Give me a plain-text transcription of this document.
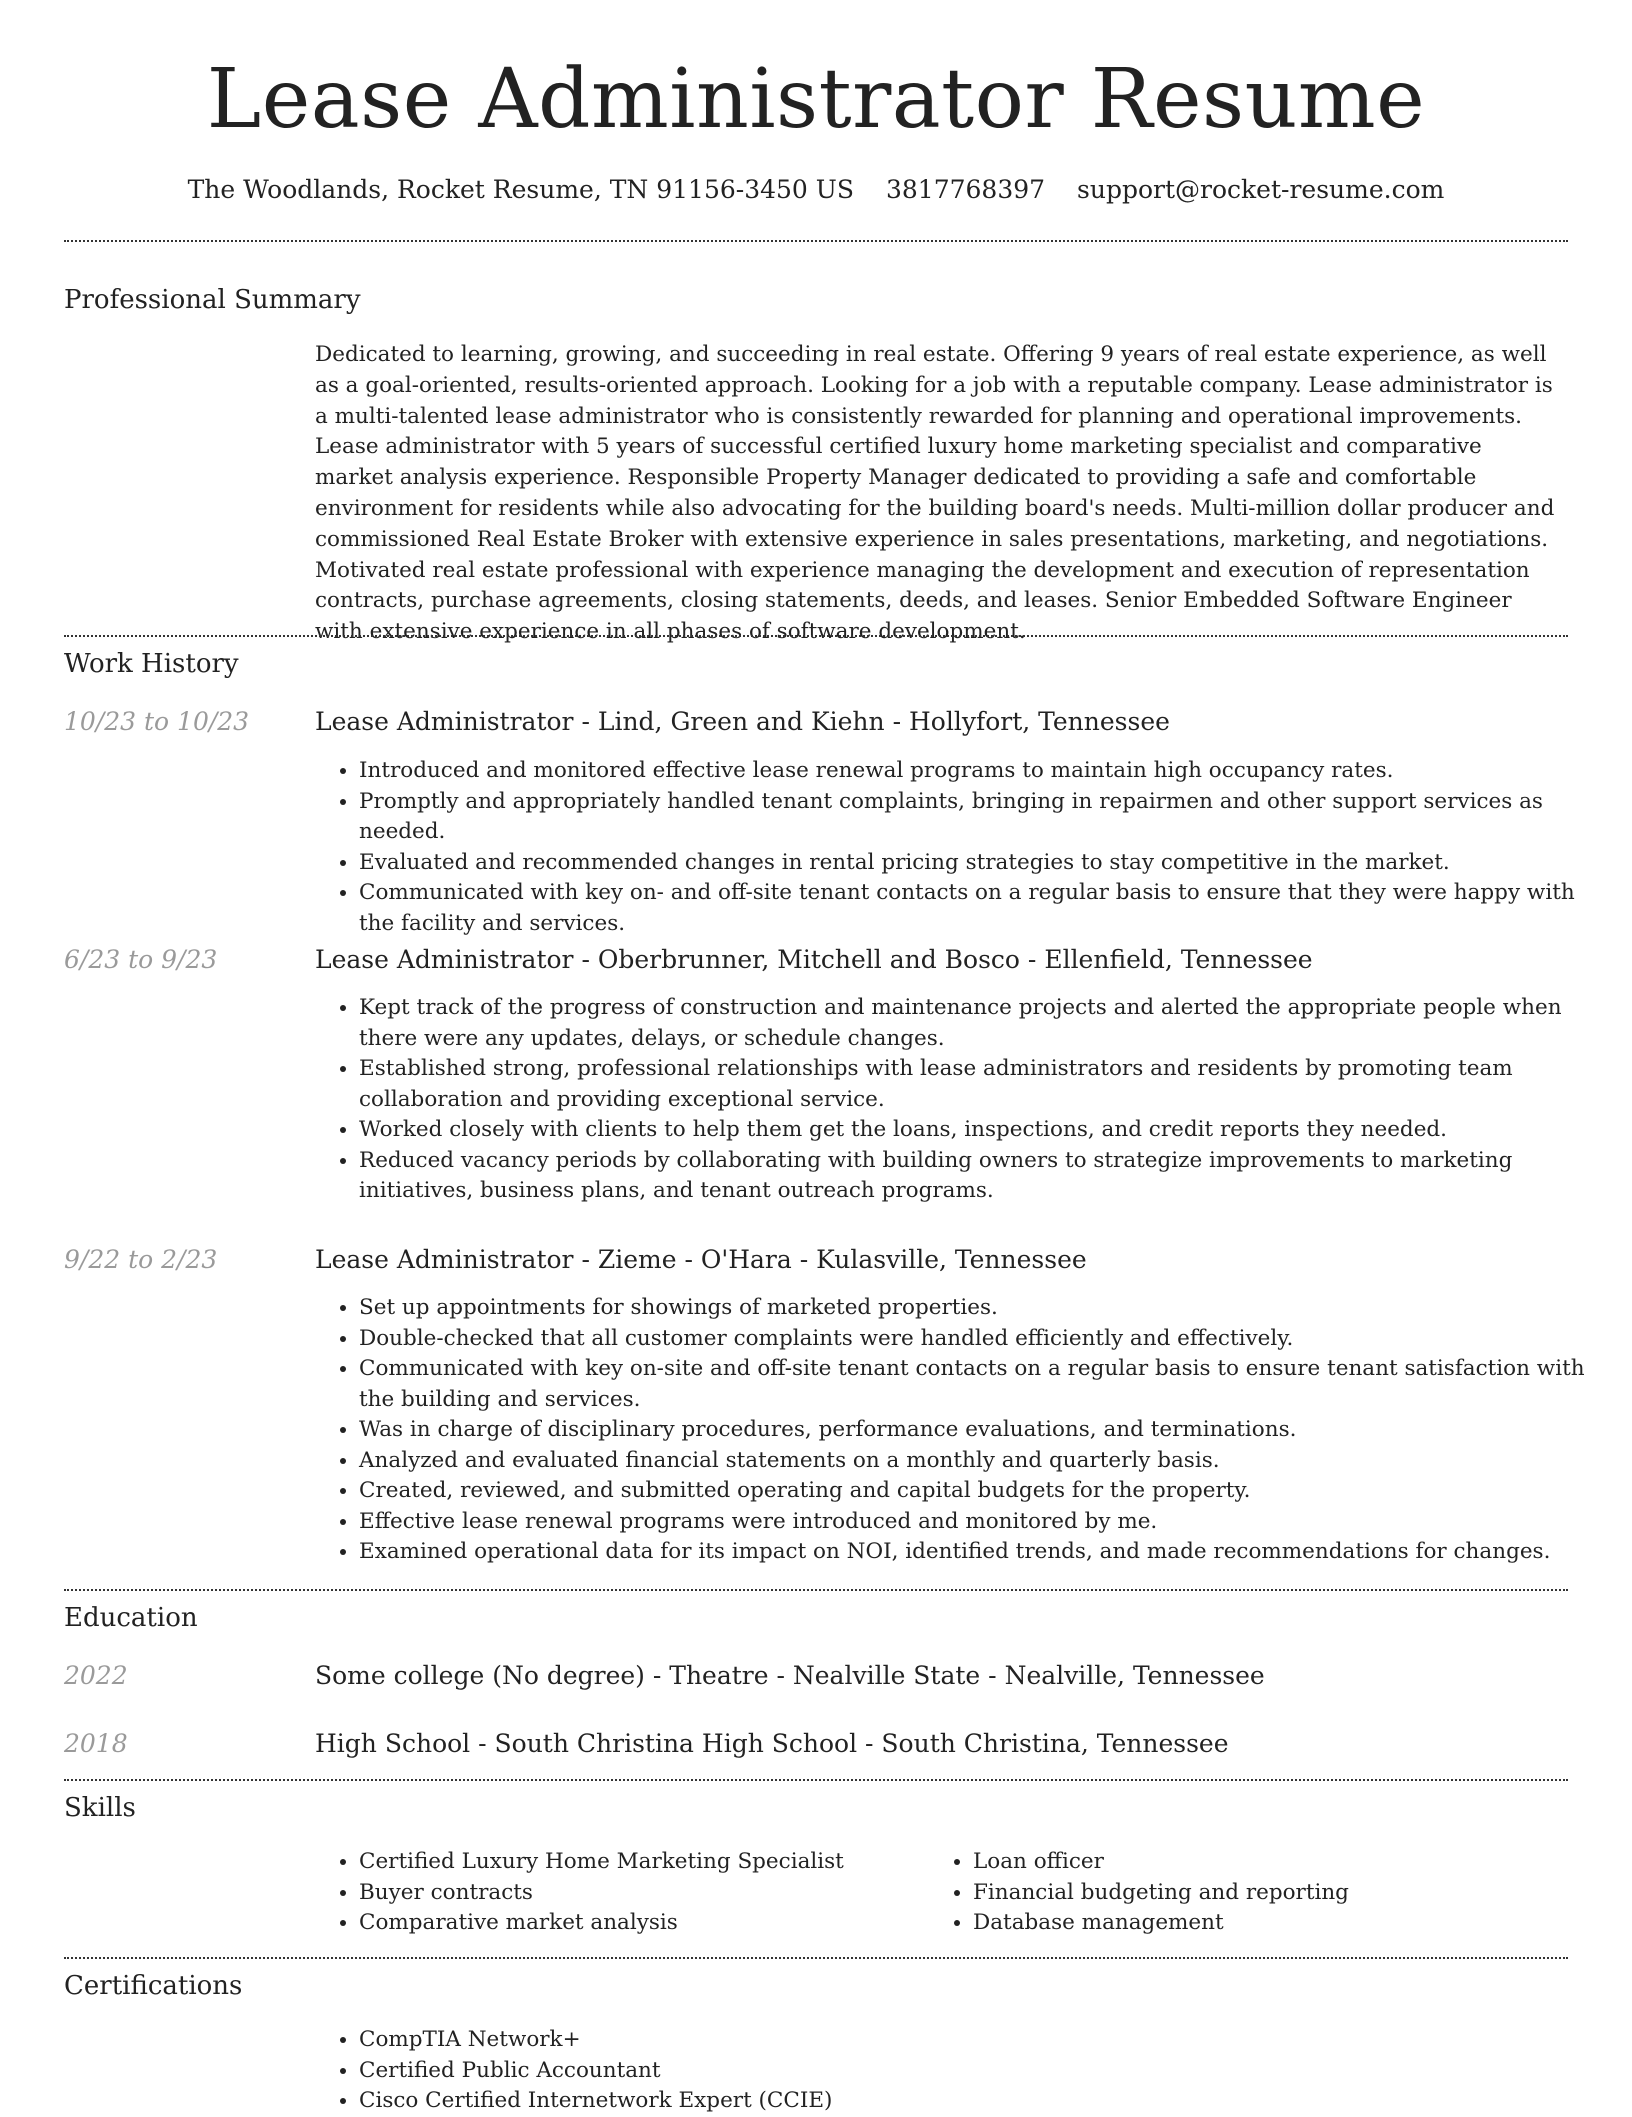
Lease Administrator Resume
The Woodlands, Rocket Resume, TN 91156-3450 US 3817768397 support@rocket-resume.com
Professional Summary

Dedicated to learning, growing, and succeeding in real estate. Offering 9 years of real estate experience, as well as a goal-oriented, results-oriented approach. Looking for a job with a reputable company. Lease administrator is a multi-talented lease administrator who is consistently rewarded for planning and operational improvements. Lease administrator with 5 years of successful certified luxury home marketing specialist and comparative market analysis experience. Responsible Property Manager dedicated to providing a safe and comfortable environment for residents while also advocating for the building board's needs. Multi-million dollar producer and commissioned Real Estate Broker with extensive experience in sales presentations, marketing, and negotiations. Motivated real estate professional with experience managing the development and execution of representation contracts, purchase agreements, closing statements, deeds, and leases. Senior Embedded Software Engineer with extensive experience in all phases of software development.

Work History
10/23 to 10/23	Lease Administrator - Lind, Green and Kiehn - Hollyfort, Tennessee
• Introduced and monitored effective lease renewal programs to maintain high occupancy rates.
• Promptly and appropriately handled tenant complaints, bringing in repairmen and other support services as needed.
• Evaluated and recommended changes in rental pricing strategies to stay competitive in the market.
• Communicated with key on- and off-site tenant contacts on a regular basis to ensure that they were happy with the facility and services.
6/23 to 9/23	Lease Administrator - Oberbrunner, Mitchell and Bosco - Ellenfield, Tennessee
• Kept track of the progress of construction and maintenance projects and alerted the appropriate people when there were any updates, delays, or schedule changes.
• Established strong, professional relationships with lease administrators and residents by promoting team collaboration and providing exceptional service.
• Worked closely with clients to help them get the loans, inspections, and credit reports they needed.
• Reduced vacancy periods by collaborating with building owners to strategize improvements to marketing initiatives, business plans, and tenant outreach programs.
9/22 to 2/23	Lease Administrator - Zieme - O'Hara - Kulasville, Tennessee
• Set up appointments for showings of marketed properties.
• Double-checked that all customer complaints were handled efficiently and effectively.
• Communicated with key on-site and off-site tenant contacts on a regular basis to ensure tenant satisfaction with the building and services.
• Was in charge of disciplinary procedures, performance evaluations, and terminations.
• Analyzed and evaluated financial statements on a monthly and quarterly basis.
• Created, reviewed, and submitted operating and capital budgets for the property.
• Effective lease renewal programs were introduced and monitored by me.
• Examined operational data for its impact on NOI, identified trends, and made recommendations for changes.
Education
2022	Some college (No degree) - Theatre - Nealville State - Nealville, Tennessee
2018	High School - South Christina High School - South Christina, Tennessee
Skills
• Certified Luxury Home Marketing Specialist
• Buyer contracts
• Comparative market analysis
• Loan officer
• Financial budgeting and reporting
• Database management
Certifications
• CompTIA Network+
• Certified Public Accountant
• Cisco Certified Internetwork Expert (CCIE)
